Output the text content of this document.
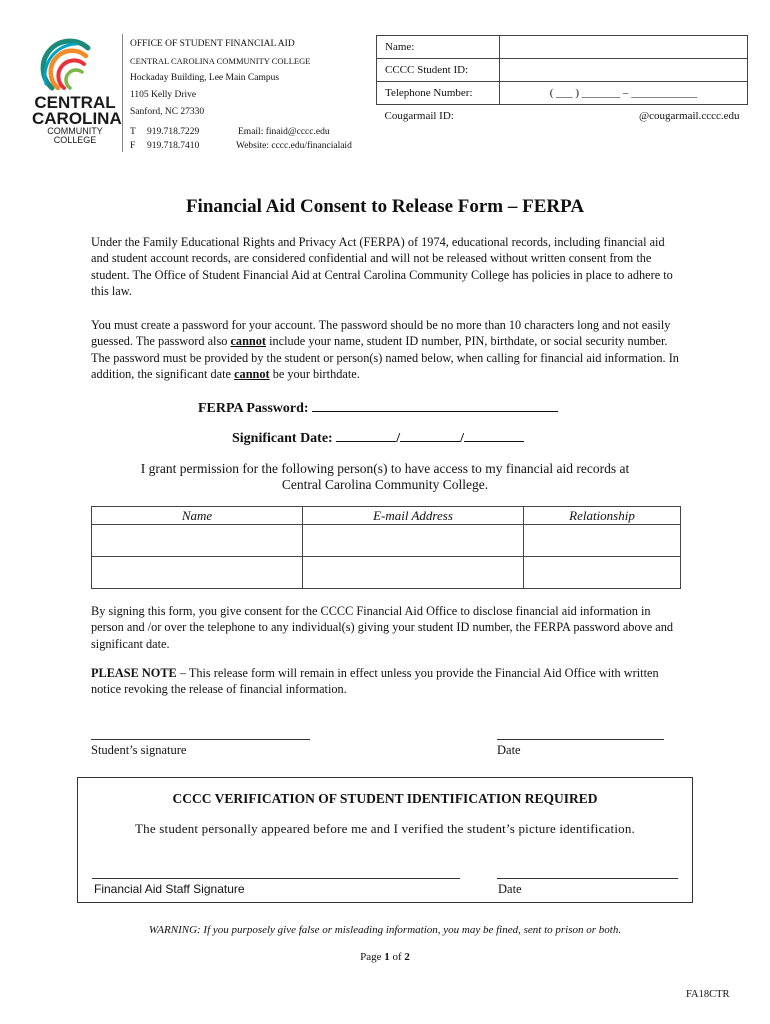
CENTRAL
CAROLINA
COMMUNITY
COLLEGE
OFFICE OF STUDENT FINANCIAL AID
CENTRAL CAROLINA COMMUNITY COLLEGE
Hockaday Building, Lee Main Campus
1105 Kelly Drive
Sanford, NC 27330
T 919.718.7229
F 919.718.7410
Email: finaid@cccc.edu
Website: cccc.edu/financialaid
Name:	
CCCC Student ID:	
Telephone Number:	( ___ ) _______ – ____________
Cougarmail ID:	@cougarmail.cccc.edu
Financial Aid Consent to Release Form – FERPA
Under the Family Educational Rights and Privacy Act (FERPA) of 1974, educational records, including financial aid and student account records, are considered confidential and will not be released without written consent from the student. The Office of Student Financial Aid at Central Carolina Community College has policies in place to adhere to this law.
You must create a password for your account. The password should be no more than 10 characters long and not easily guessed. The password also cannot include your name, student ID number, PIN, birthdate, or social security number. The password must be provided by the student or person(s) named below, when calling for financial aid information. In addition, the significant date cannot be your birthdate.
FERPA Password:
Significant Date:	/	/
I grant permission for the following person(s) to have access to my financial aid records at
Central Carolina Community College.
Name	E-mail Address	Relationship

By signing this form, you give consent for the CCCC Financial Aid Office to disclose financial aid information in person and /or over the telephone to any individual(s) giving your student ID number, the FERPA password above and significant date.
PLEASE NOTE – This release form will remain in effect unless you provide the Financial Aid Office with written notice revoking the release of financial information.
Student’s signature	Date
CCCC VERIFICATION OF STUDENT IDENTIFICATION REQUIRED
The student personally appeared before me and I verified the student’s picture identification.
Financial Aid Staff Signature	Date
WARNING: If you purposely give false or misleading information, you may be fined, sent to prison or both.
Page 1 of 2
FA18CTR
